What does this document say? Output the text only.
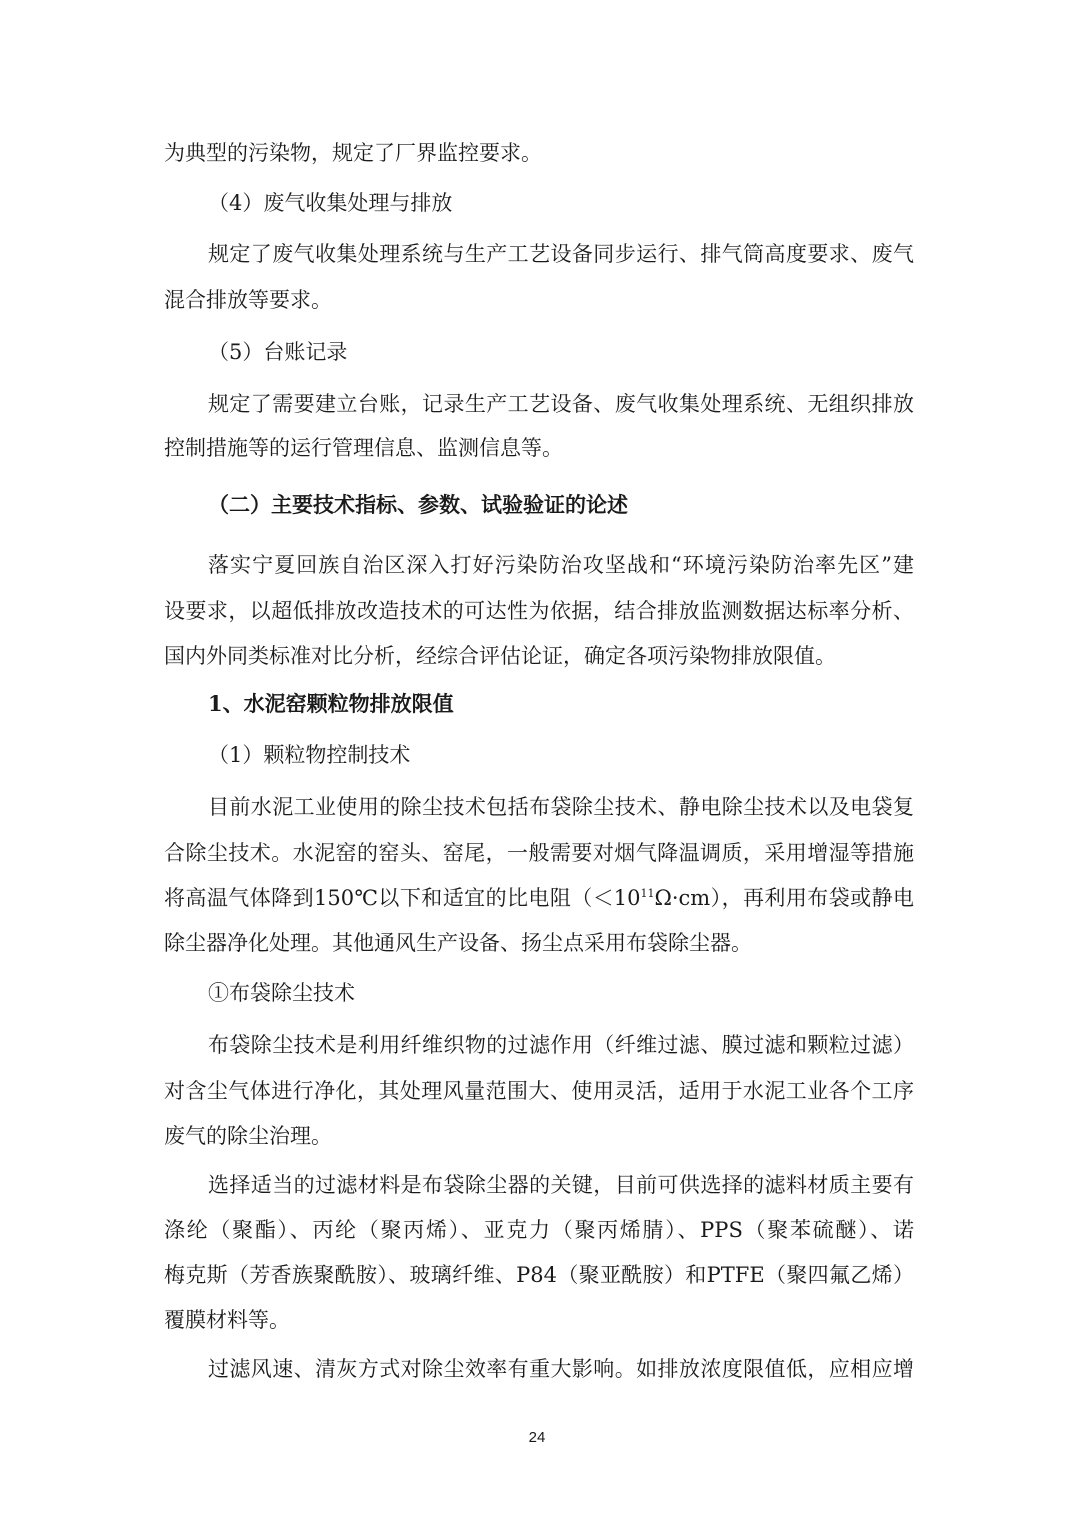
为典型的污染物，规定了厂界监控要求。
（4）废气收集处理与排放
规定了废气收集处理系统与生产工艺设备同步运行、排气筒高度要求、废气
混合排放等要求。
（5）台账记录
规定了需要建立台账，记录生产工艺设备、废气收集处理系统、无组织排放
控制措施等的运行管理信息、监测信息等。
（二）主要技术指标、参数、试验验证的论述
落实宁夏回族自治区深入打好污染防治攻坚战和“环境污染防治率先区”建
设要求，以超低排放改造技术的可达性为依据，结合排放监测数据达标率分析、
国内外同类标准对比分析，经综合评估论证，确定各项污染物排放限值。
1、水泥窑颗粒物排放限值
（1）颗粒物控制技术
目前水泥工业使用的除尘技术包括布袋除尘技术、静电除尘技术以及电袋复
合除尘技术。水泥窑的窑头、窑尾，一般需要对烟气降温调质，采用增湿等措施
将高温气体降到150℃以下和适宜的比电阻$(<10^{11}\Omega\cdot cm)$，再利用布袋或静电
除尘器净化处理。其他通风生产设备、扬尘点采用布袋除尘器。
①布袋除尘技术
布袋除尘技术是利用纤维织物的过滤作用（纤维过滤、膜过滤和颗粒过滤）
对含尘气体进行净化，其处理风量范围大、使用灵活，适用于水泥工业各个工序
废气的除尘治理。
选择适当的过滤材料是布袋除尘器的关键，目前可供选择的滤料材质主要有
涤纶（聚酯）、丙纶（聚丙烯）、亚克力（聚丙烯腈）、PPS（聚苯硫醚）、诺
梅克斯（芳香族聚酰胺）、玻璃纤维、P84（聚亚酰胺）和PTFE（聚四氟乙烯）
覆膜材料等。
过滤风速、清灰方式对除尘效率有重大影响。如排放浓度限值低，应相应增
24
